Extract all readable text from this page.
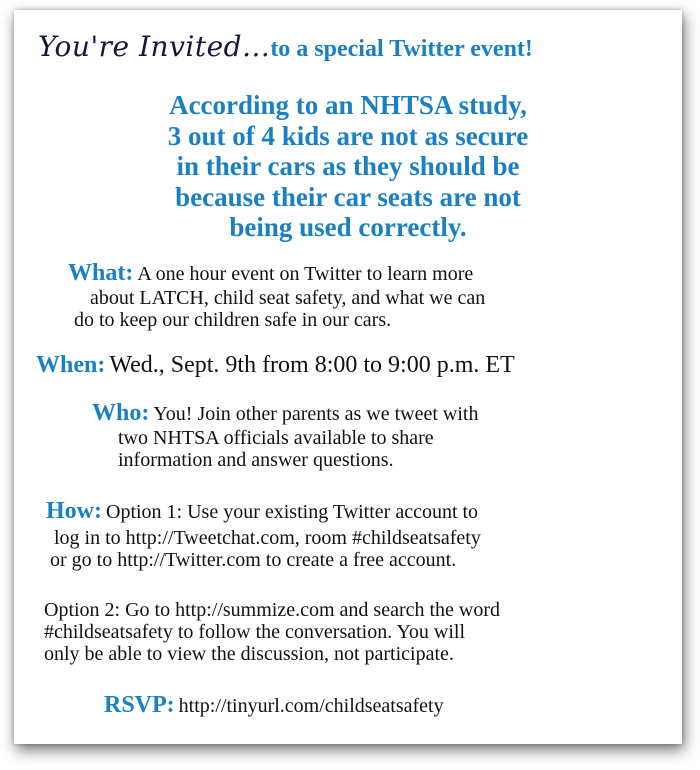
You're Invited...to a special Twitter event!
According to an NHTSA study,
3 out of 4 kids are not as secure
in their cars as they should be
because their car seats are not
being used correctly.
What: A one hour event on Twitter to learn more
about LATCH, child seat safety, and what we can
do to keep our children safe in our cars.
When: Wed., Sept. 9th from 8:00 to 9:00 p.m. ET
Who: You! Join other parents as we tweet with
two NHTSA officials available to share
information and answer questions.
How: Option 1: Use your existing Twitter account to
log in to http://Tweetchat.com, room #childseatsafety
or go to http://Twitter.com to create a free account.
Option 2: Go to http://summize.com and search the word
#childseatsafety to follow the conversation. You will
only be able to view the discussion, not participate.
RSVP: http://tinyurl.com/childseatsafety
